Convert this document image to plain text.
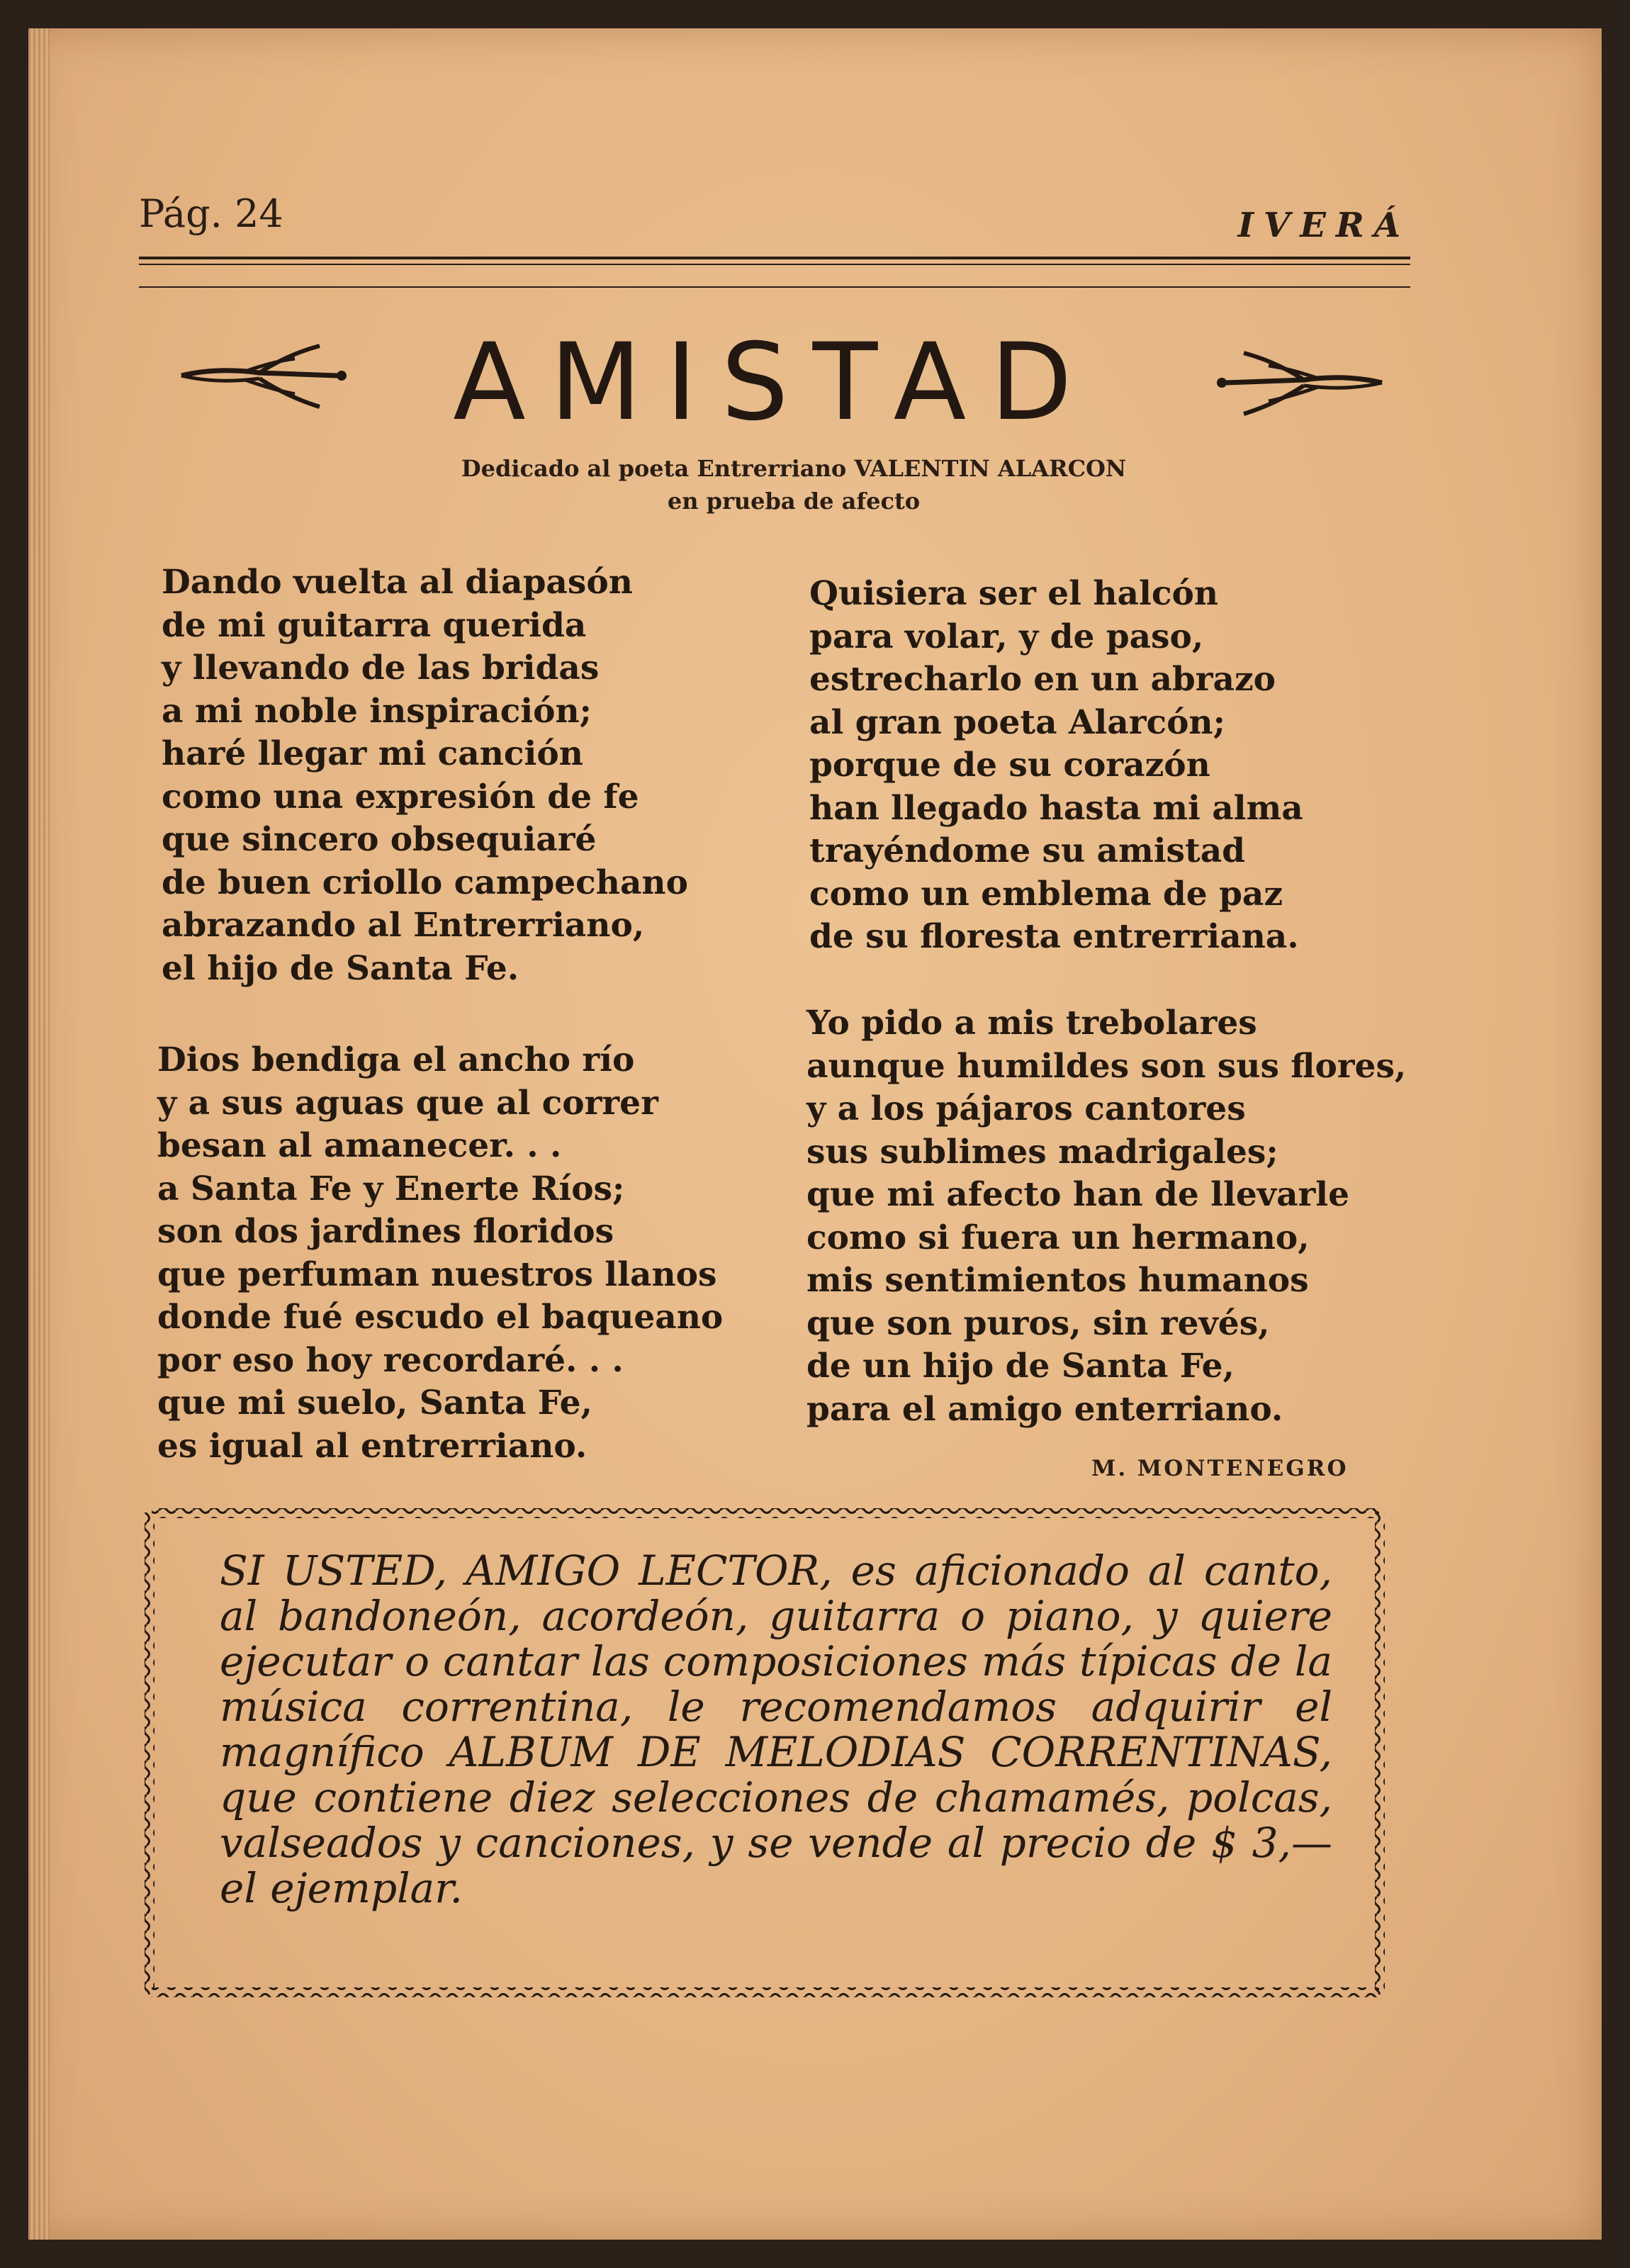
Pág. 24	IVERÁ
AMISTAD
Dedicado al poeta Entrerriano VALENTIN ALARCON
en prueba de afecto
Dando vuelta al diapasón
de mi guitarra querida
y llevando de las bridas
a mi noble inspiración;
haré llegar mi canción
como una expresión de fe
que sincero obsequiaré
de buen criollo campechano
abrazando al Entrerriano,
el hijo de Santa Fe.
Dios bendiga el ancho río
y a sus aguas que al correr
besan al amanecer. . .
a Santa Fe y Enerte Ríos;
son dos jardines floridos
que perfuman nuestros llanos
donde fué escudo el baqueano
por eso hoy recordaré. . .
que mi suelo, Santa Fe,
es igual al entrerriano.
Quisiera ser el halcón
para volar, y de paso,
estrecharlo en un abrazo
al gran poeta Alarcón;
porque de su corazón
han llegado hasta mi alma
trayéndome su amistad
como un emblema de paz
de su floresta entrerriana.
Yo pido a mis trebolares
aunque humildes son sus flores,
y a los pájaros cantores
sus sublimes madrigales;
que mi afecto han de llevarle
como si fuera un hermano,
mis sentimientos humanos
que son puros, sin revés,
de un hijo de Santa Fe,
para el amigo enterriano.
M. MONTENEGRO
SI USTED, AMIGO LECTOR, es aficionado al canto, al bandoneón, acordeón, guitarra o piano, y quiere ejecutar o cantar las composiciones más típicas de la música correntina, le recomendamos adquirir el magnífico ALBUM DE MELODIAS CORRENTINAS, que contiene diez selecciones de chamamés, polcas, valseados y canciones, y se vende al precio de $ 3,— el ejemplar.
